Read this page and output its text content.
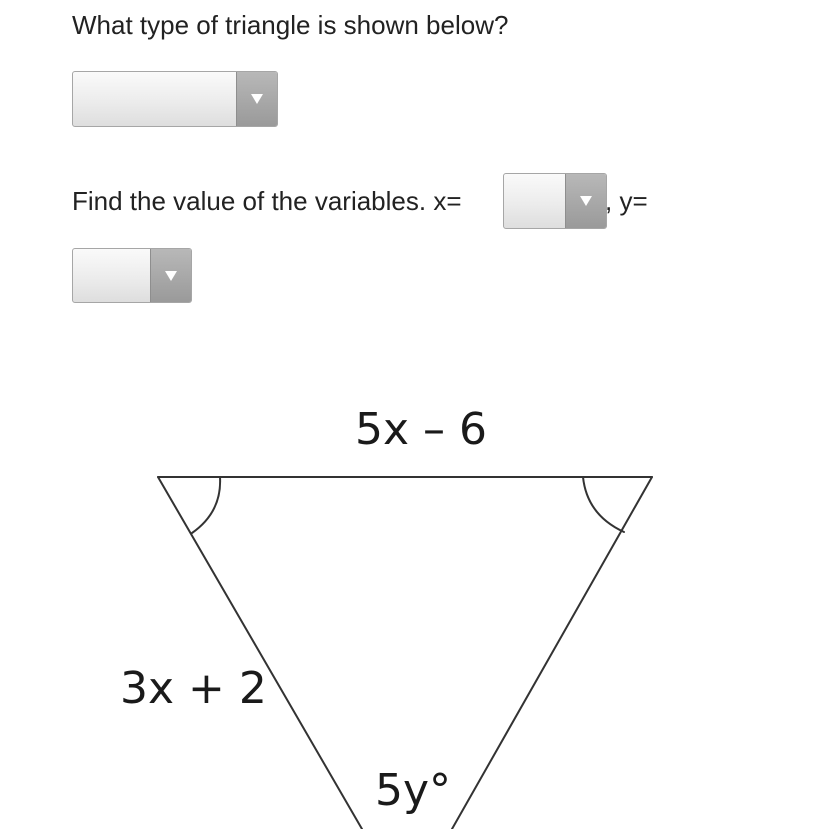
What type of triangle is shown below?
Find the value of the variables. x=	, y=
5x – 6
3x + 2
5y°
